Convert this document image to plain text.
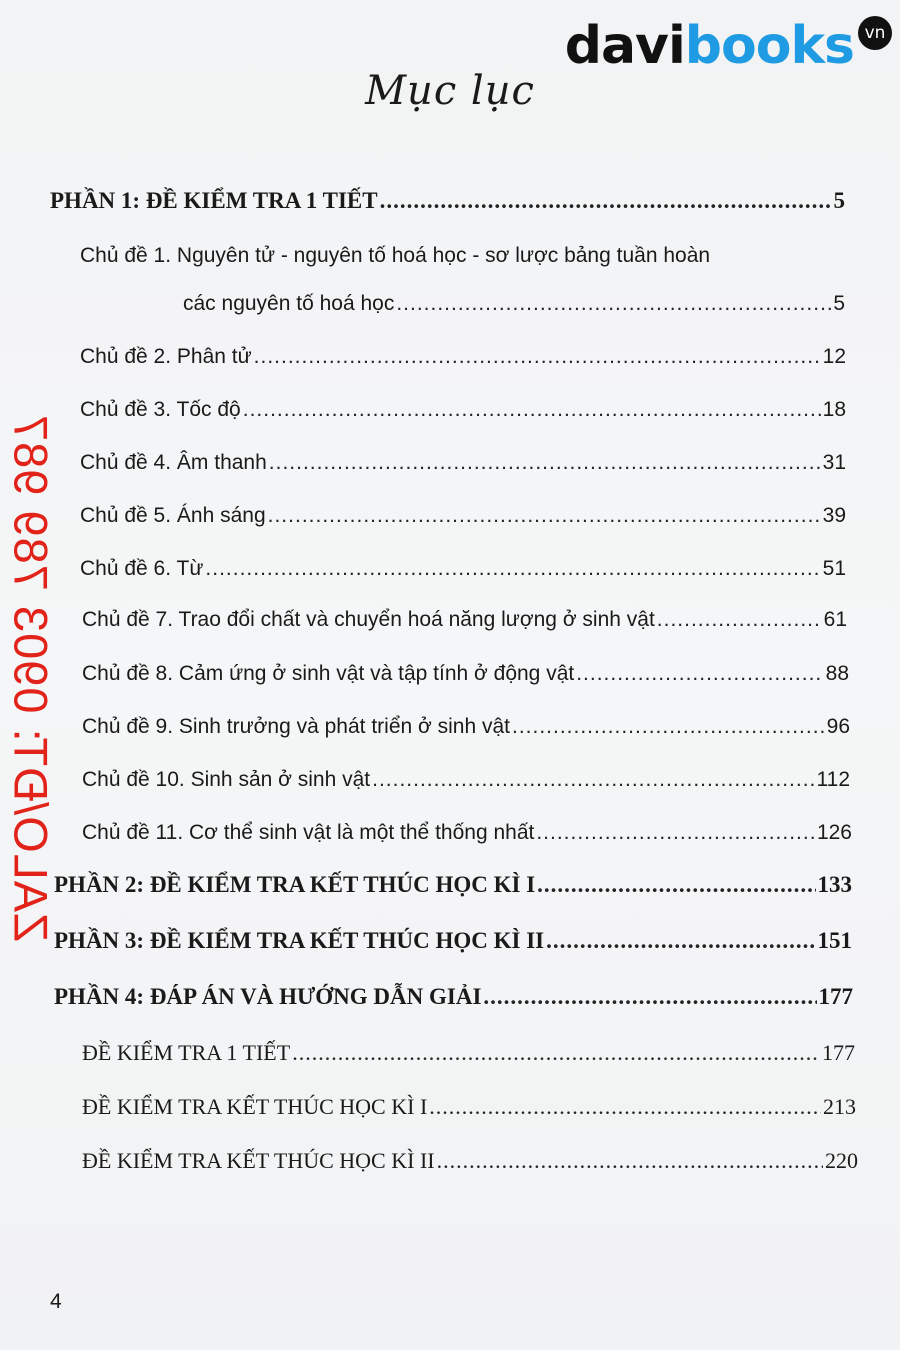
davibooks vn
Mục lục
ZALO/ĐT: 0903 789 987
PHẦN 1: ĐỀ KIỂM TRA 1 TIẾT .....	5
Chủ đề 1. Nguyên tử - nguyên tố hoá học - sơ lược bảng tuần hoàn
các nguyên tố hoá học .....	5
Chủ đề 2. Phân tử .....	12
Chủ đề 3. Tốc độ .....	18
Chủ đề 4. Âm thanh .....	31
Chủ đề 5. Ánh sáng .....	39
Chủ đề 6. Từ .....	51
Chủ đề 7. Trao đổi chất và chuyển hoá năng lượng ở sinh vật .....	61
Chủ đề 8. Cảm ứng ở sinh vật và tập tính ở động vật .....	88
Chủ đề 9. Sinh trưởng và phát triển ở sinh vật .....	96
Chủ đề 10. Sinh sản ở sinh vật .....	112
Chủ đề 11. Cơ thể sinh vật là một thể thống nhất .....	126
PHẦN 2: ĐỀ KIỂM TRA KẾT THÚC HỌC KÌ I .....	133
PHẦN 3: ĐỀ KIỂM TRA KẾT THÚC HỌC KÌ II .....	151
PHẦN 4: ĐÁP ÁN VÀ HƯỚNG DẪN GIẢI .....	177
ĐỀ KIỂM TRA 1 TIẾT .....	177
ĐỀ KIỂM TRA KẾT THÚC HỌC KÌ I .....	213
ĐỀ KIỂM TRA KẾT THÚC HỌC KÌ II .....	220
4
